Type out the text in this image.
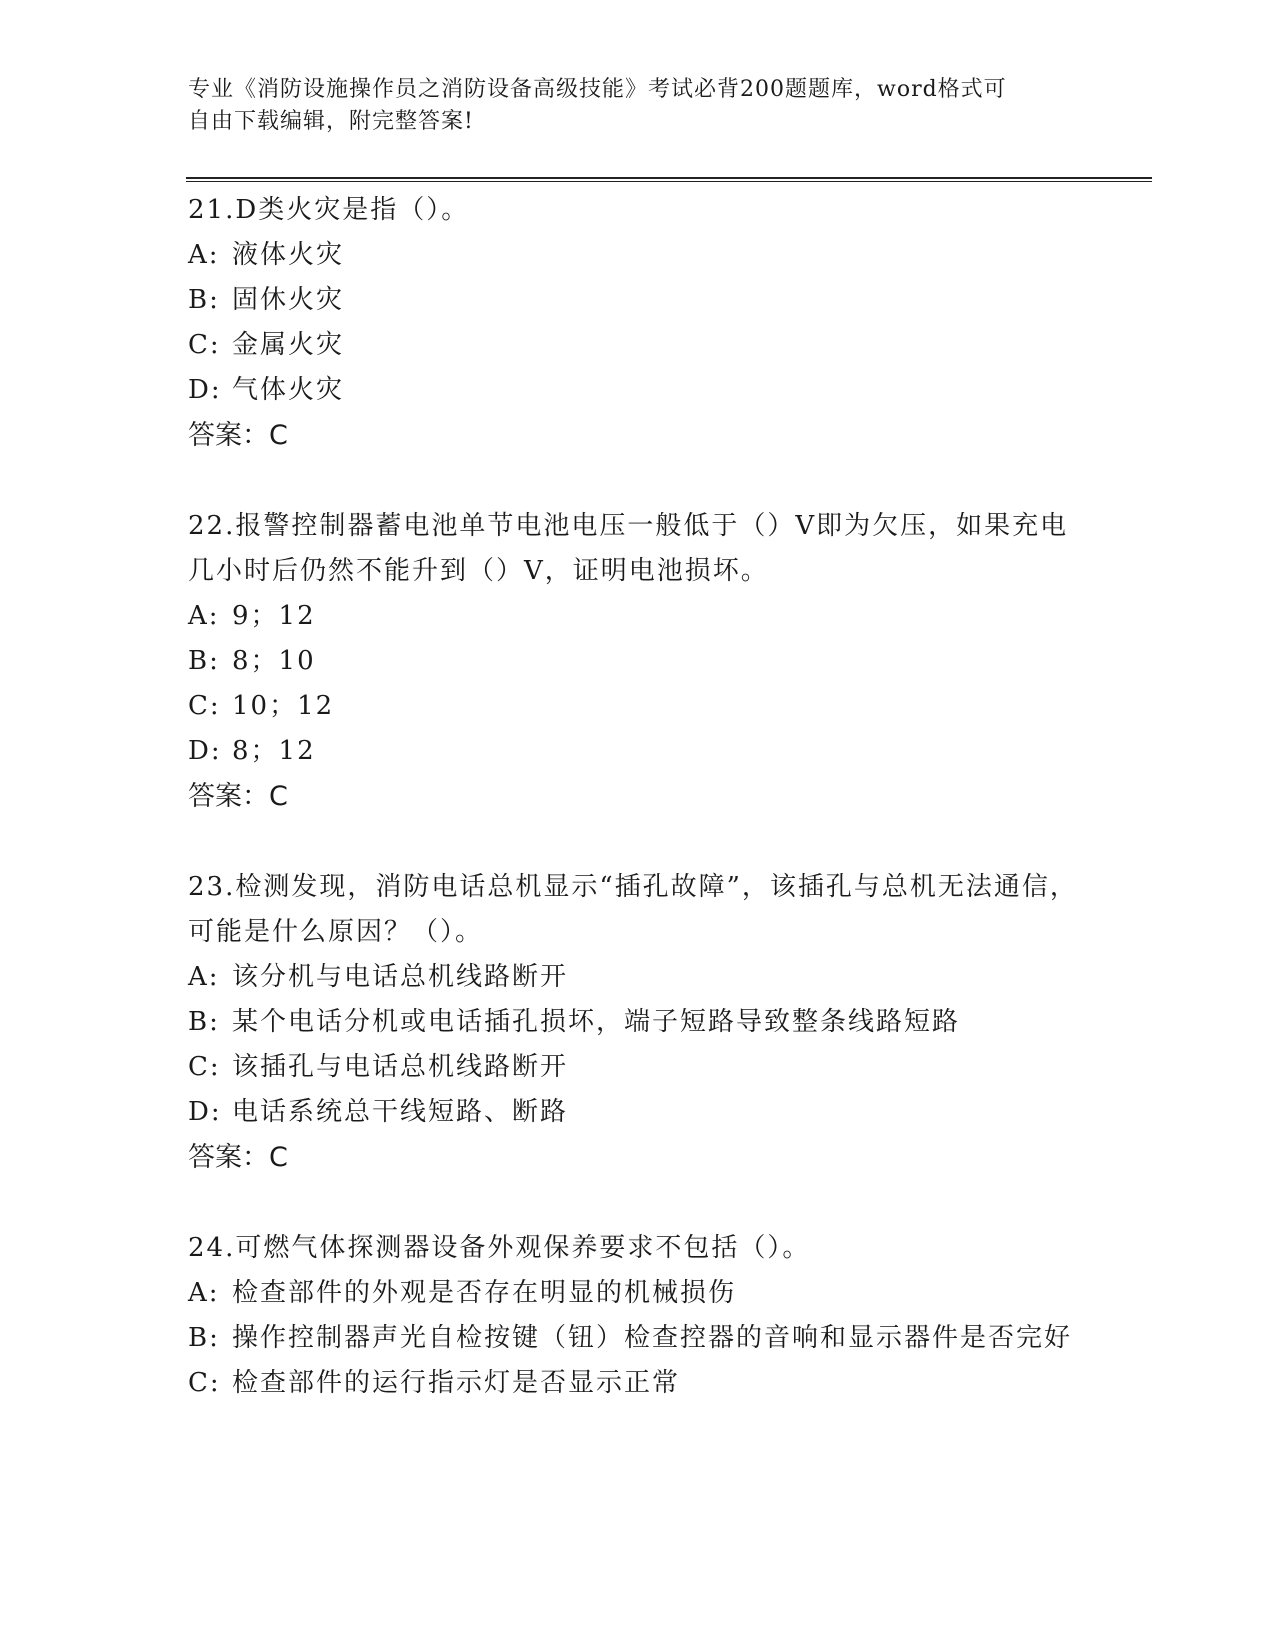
专业《消防设施操作员之消防设备高级技能》考试必背200题题库，word格式可
自由下载编辑，附完整答案!

21.D类火灾是指（）。

A: 液体火灾

B: 固休火灾

C: 金属火灾

D: 气体火灾

答案：C

22.报警控制器蓄电池单节电池电压一般低于（）V即为欠压，如果充电几小时后仍然不能升到（）V，证明电池损坏。

A: 9；12

B: 8；10

C: 10；12

D: 8；12

答案：C

23.检测发现，消防电话总机显示“插孔故障”，该插孔与总机无法通信，可能是什么原因？（）。

A: 该分机与电话总机线路断开

B: 某个电话分机或电话插孔损坏，端子短路导致整条线路短路

C: 该插孔与电话总机线路断开

D: 电话系统总干线短路、断路

答案：C

24.可燃气体探测器设备外观保养要求不包括（）。

A: 检查部件的外观是否存在明显的机械损伤

B: 操作控制器声光自检按键（钮）检查控器的音响和显示器件是否完好

C: 检查部件的运行指示灯是否显示正常
